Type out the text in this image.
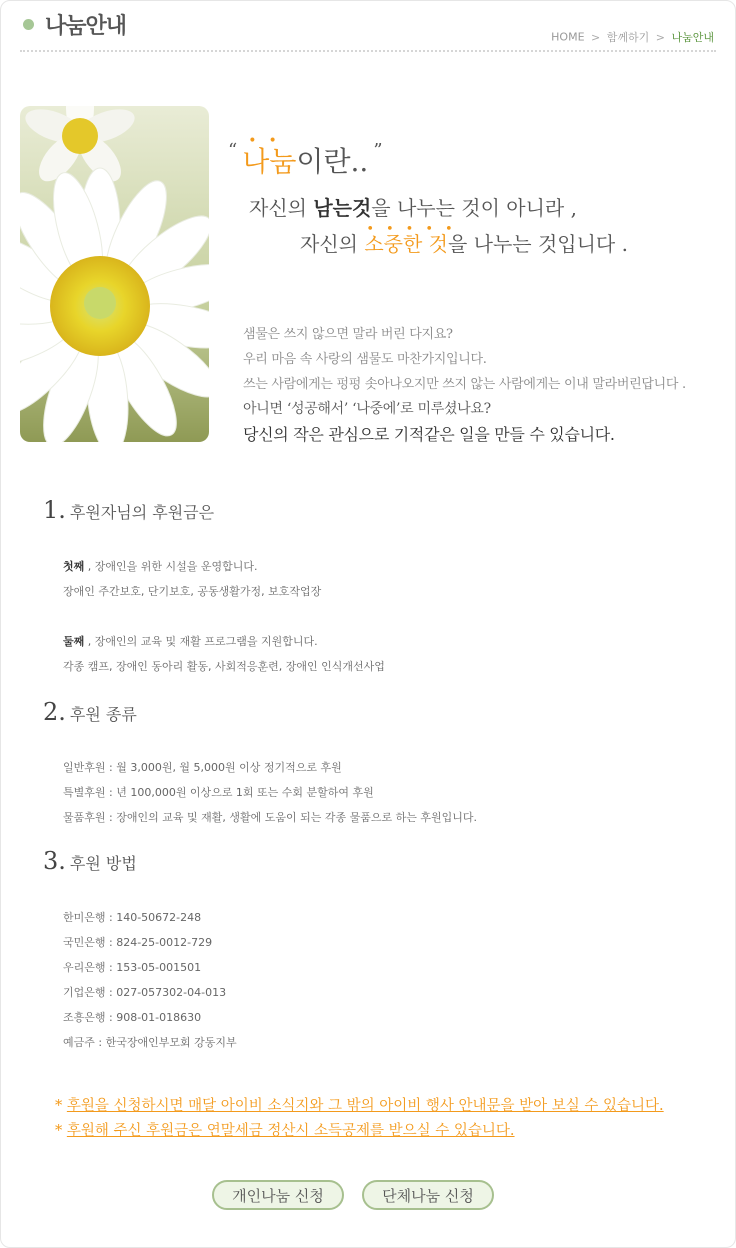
나눔안내	HOME > 함께하기 > 나눔안내
“ ••
나눔이란.. ”
자신의 남는것을 나누는 것이 아니라 ,
자신의
•••••
소중한 것을 나누는 것입니다 .
샘물은 쓰지 않으면 말라 버린 다지요?
우리 마음 속 사랑의 샘물도 마찬가지입니다.
쓰는 사람에게는 펑펑 솟아나오지만 쓰지 않는 사람에게는 이내 말라버린답니다 .
아니면 ‘성공해서’ ‘나중에’로 미루셨나요?
당신의 작은 관심으로 기적같은 일을 만들 수 있습니다.
1. 후원자님의 후원금은
첫째 , 장애인을 위한 시설을 운영합니다.
장애인 주간보호, 단기보호, 공동생활가정, 보호작업장
둘째 , 장애인의 교육 및 재활 프로그램을 지원합니다.
각종 캠프, 장애인 동아리 활동, 사회적응훈련, 장애인 인식개선사업
2. 후원 종류
일반후원 : 월 3,000원, 월 5,000원 이상 정기적으로 후원
특별후원 : 년 100,000원 이상으로 1회 또는 수회 분할하여 후원
물품후원 : 장애인의 교육 및 재활, 생활에 도움이 되는 각종 물품으로 하는 후원입니다.
3. 후원 방법
한미은행 : 140-50672-248
국민은행 : 824-25-0012-729
우리은행 : 153-05-001501
기업은행 : 027-057302-04-013
조흥은행 : 908-01-018630
예금주 : 한국장애인부모회 강동지부
* 후원을 신청하시면 매달 아이비 소식지와 그 밖의 아이비 행사 안내문을 받아 보실 수 있습니다.
* 후원해 주신 후원금은 연말세금 정산시 소득공제를 받으실 수 있습니다.
개인나눔 신청	단체나눔 신청
